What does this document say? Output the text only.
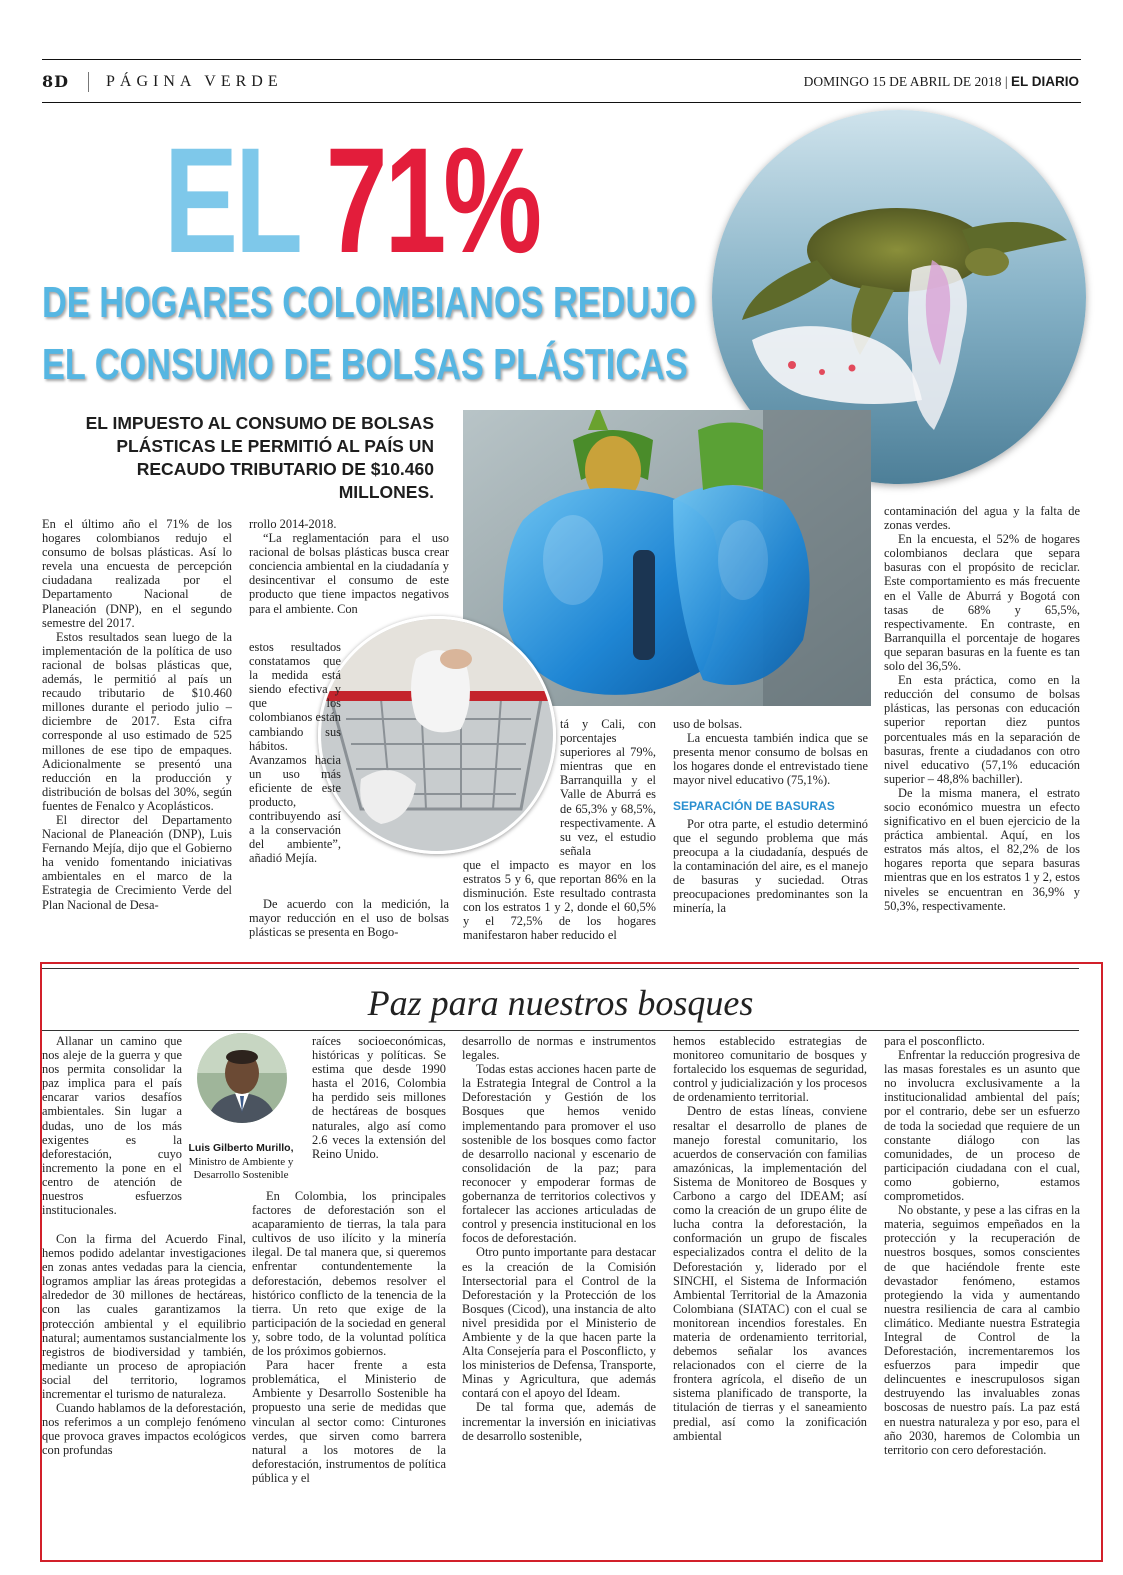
8D PÁGINA VERDE	DOMINGO 15 DE ABRIL DE 2018 | EL DIARIO
EL 71%
DE HOGARES COLOMBIANOS REDUJO
EL CONSUMO DE BOLSAS PLÁSTICAS
EL IMPUESTO AL CONSUMO DE BOLSAS PLÁSTICAS LE PERMITIÓ AL PAÍS UN RECAUDO TRIBUTARIO DE $10.460 MILLONES.

En el último año el 71% de los hogares colombianos redujo el consumo de bolsas plásticas. Así lo revela una encuesta de percepción ciudadana realizada por el Departamento Nacional de Planeación (DNP), en el segundo semestre del 2017.

Estos resultados sean luego de la implementación de la política de uso racional de bolsas plásticas que, además, le permitió al país un recaudo tributario de $10.460 millones durante el periodo julio – diciembre de 2017. Esta cifra corresponde al uso estimado de 525 millones de ese tipo de empaques. Adicionalmente se presentó una reducción en la producción y distribución de bolsas del 30%, según fuentes de Fenalco y Acoplásticos.

El director del Departamento Nacional de Planeación (DNP), Luis Fernando Mejía, dijo que el Gobierno ha venido fomentando iniciativas ambientales en el marco de la Estrategia de Crecimiento Verde del Plan Nacional de Desa-

rrollo 2014-2018.

“La reglamentación para el uso racional de bolsas plásticas busca crear conciencia ambiental en la ciudadanía y desincentivar el consumo de este producto que tiene impactos negativos para el ambiente. Con

estos resultados constatamos que la medida está siendo efectiva y que los colombianos están cambiando sus hábitos. Avanzamos hacia un uso más eficiente de este producto, contribuyendo así a la conservación del ambiente”, añadió Mejía.

De acuerdo con la medición, la mayor reducción en el uso de bolsas plásticas se presenta en Bogo-

tá y Cali, con porcentajes superiores al 79%, mientras que en Barranquilla y el Valle de Aburrá es de 65,3% y 68,5%, respectivamente. A su vez, el estudio señala

que el impacto es mayor en los estratos 5 y 6, que reportan 86% en la disminución. Este resultado contrasta con los estratos 1 y 2, donde el 60,5% y el 72,5% de los hogares manifestaron haber reducido el

uso de bolsas.

La encuesta también indica que se presenta menor consumo de bolsas en los hogares donde el entrevistado tiene mayor nivel educativo (75,1%).

SEPARACIÓN DE BASURAS

Por otra parte, el estudio determinó que el segundo problema que más preocupa a la ciudadanía, después de la contaminación del aire, es el manejo de basuras y suciedad. Otras preocupaciones predominantes son la minería, la

contaminación del agua y la falta de zonas verdes.

En la encuesta, el 52% de hogares colombianos declara que separa basuras con el propósito de reciclar. Este comportamiento es más frecuente en el Valle de Aburrá y Bogotá con tasas de 68% y 65,5%, respectivamente. En contraste, en Barranquilla el porcentaje de hogares que separan basuras en la fuente es tan solo del 36,5%.

En esta práctica, como en la reducción del consumo de bolsas plásticas, las personas con educación superior reportan diez puntos porcentuales más en la separación de basuras, frente a ciudadanos con otro nivel educativo (57,1% educación superior – 48,8% bachiller).

De la misma manera, el estrato socio económico muestra un efecto significativo en el buen ejercicio de la práctica ambiental. Aquí, en los estratos más altos, el 82,2% de los hogares reporta que separa basuras mientras que en los estratos 1 y 2, estos niveles se encuentran en 36,9% y 50,3%, respectivamente.

Paz para nuestros bosques
Luis Gilberto Murillo,
Ministro de Ambiente y Desarrollo Sostenible

Allanar un camino que nos aleje de la guerra y que nos permita consolidar la paz implica para el país encarar varios desafíos ambientales. Sin lugar a dudas, uno de los más exigentes es la deforestación, cuyo incremento la pone en el centro de atención de nuestros esfuerzos institucionales.

Con la firma del Acuerdo Final, hemos podido adelantar investigaciones en zonas antes vedadas para la ciencia, logramos ampliar las áreas protegidas a alrededor de 30 millones de hectáreas, con las cuales garantizamos la protección ambiental y el equilibrio natural; aumentamos sustancialmente los registros de biodiversidad y también, mediante un proceso de apropiación social del territorio, logramos incrementar el turismo de naturaleza.

Cuando hablamos de la deforestación, nos referimos a un complejo fenómeno que provoca graves impactos ecológicos con profundas

raíces socioeconómicas, históricas y políticas. Se estima que desde 1990 hasta el 2016, Colombia ha perdido seis millones de hectáreas de bosques naturales, algo así como 2.6 veces la extensión del Reino Unido.

En Colombia, los principales factores de deforestación son el acaparamiento de tierras, la tala para cultivos de uso ilícito y la minería ilegal. De tal manera que, si queremos enfrentar contundentemente la deforestación, debemos resolver el histórico conflicto de la tenencia de la tierra. Un reto que exige de la participación de la sociedad en general y, sobre todo, de la voluntad política de los próximos gobiernos.

Para hacer frente a esta problemática, el Ministerio de Ambiente y Desarrollo Sostenible ha propuesto una serie de medidas que vinculan al sector como: Cinturones verdes, que sirven como barrera natural a los motores de la deforestación, instrumentos de política pública y el

desarrollo de normas e instrumentos legales.

Todas estas acciones hacen parte de la Estrategia Integral de Control a la Deforestación y Gestión de los Bosques que hemos venido implementando para promover el uso sostenible de los bosques como factor de desarrollo nacional y escenario de consolidación de la paz; para reconocer y empoderar formas de gobernanza de territorios colectivos y fortalecer las acciones articuladas de control y presencia institucional en los focos de deforestación.

Otro punto importante para destacar es la creación de la Comisión Intersectorial para el Control de la Deforestación y la Protección de los Bosques (Cicod), una instancia de alto nivel presidida por el Ministerio de Ambiente y de la que hacen parte la Alta Consejería para el Posconflicto, y los ministerios de Defensa, Transporte, Minas y Agricultura, que además contará con el apoyo del Ideam.

De tal forma que, además de incrementar la inversión en iniciativas de desarrollo sostenible,

hemos establecido estrategias de monitoreo comunitario de bosques y fortalecido los esquemas de seguridad, control y judicialización y los procesos de ordenamiento territorial.

Dentro de estas líneas, conviene resaltar el desarrollo de planes de manejo forestal comunitario, los acuerdos de conservación con familias amazónicas, la implementación del Sistema de Monitoreo de Bosques y Carbono a cargo del IDEAM; así como la creación de un grupo élite de lucha contra la deforestación, la conformación un grupo de fiscales especializados contra el delito de la Deforestación y, liderado por el SINCHI, el Sistema de Información Ambiental Territorial de la Amazonia Colombiana (SIATAC) con el cual se monitorean incendios forestales. En materia de ordenamiento territorial, debemos señalar los avances relacionados con el cierre de la frontera agrícola, el diseño de un sistema planificado de transporte, la titulación de tierras y el saneamiento predial, así como la zonificación ambiental

para el posconflicto.

Enfrentar la reducción progresiva de las masas forestales es un asunto que no involucra exclusivamente a la institucionalidad ambiental del país; por el contrario, debe ser un esfuerzo de toda la sociedad que requiere de un constante diálogo con las comunidades, de un proceso de participación ciudadana con el cual, como gobierno, estamos comprometidos.

No obstante, y pese a las cifras en la materia, seguimos empeñados en la protección y la recuperación de nuestros bosques, somos conscientes de que haciéndole frente este devastador fenómeno, estamos protegiendo la vida y aumentando nuestra resiliencia de cara al cambio climático. Mediante nuestra Estrategia Integral de Control de la Deforestación, incrementaremos los esfuerzos para impedir que delincuentes e inescrupulosos sigan destruyendo las invaluables zonas boscosas de nuestro país. La paz está en nuestra naturaleza y por eso, para el año 2030, haremos de Colombia un territorio con cero deforestación.
